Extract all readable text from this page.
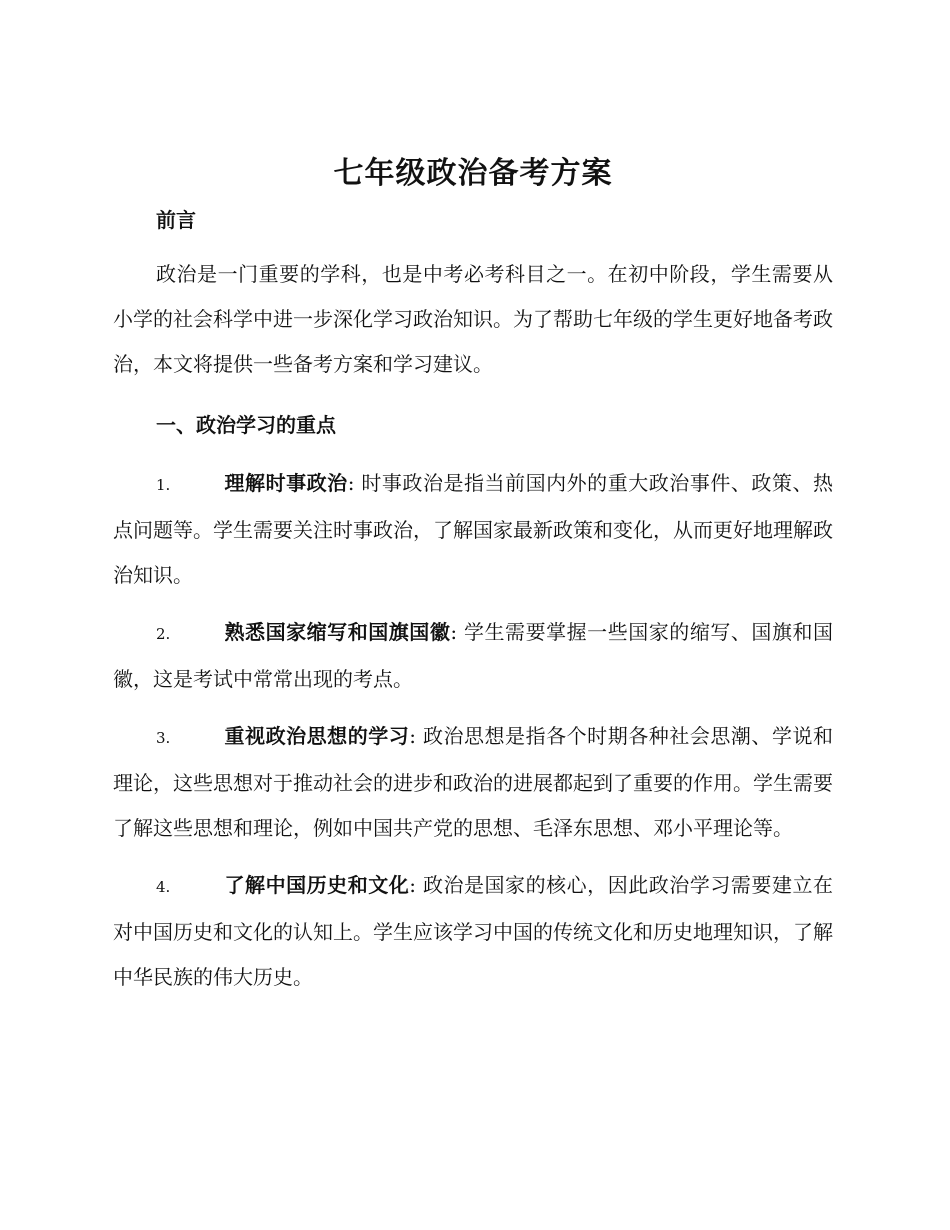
七年级政治备考方案
前言

政治是一门重要的学科，也是中考必考科目之一。在初中阶段，学生需要从小学的社会科学中进一步深化学习政治知识。为了帮助七年级的学生更好地备考政治，本文将提供一些备考方案和学习建议。

一、政治学习的重点

1.	理解时事政治: 时事政治是指当前国内外的重大政治事件、政策、热点问题等。学生需要关注时事政治，了解国家最新政策和变化，从而更好地理解政治知识。

2.	熟悉国家缩写和国旗国徽: 学生需要掌握一些国家的缩写、国旗和国徽，这是考试中常常出现的考点。

3.	重视政治思想的学习: 政治思想是指各个时期各种社会思潮、学说和理论，这些思想对于推动社会的进步和政治的进展都起到了重要的作用。学生需要了解这些思想和理论，例如中国共产党的思想、毛泽东思想、邓小平理论等。

4.	了解中国历史和文化: 政治是国家的核心，因此政治学习需要建立在对中国历史和文化的认知上。学生应该学习中国的传统文化和历史地理知识，了解中华民族的伟大历史。
